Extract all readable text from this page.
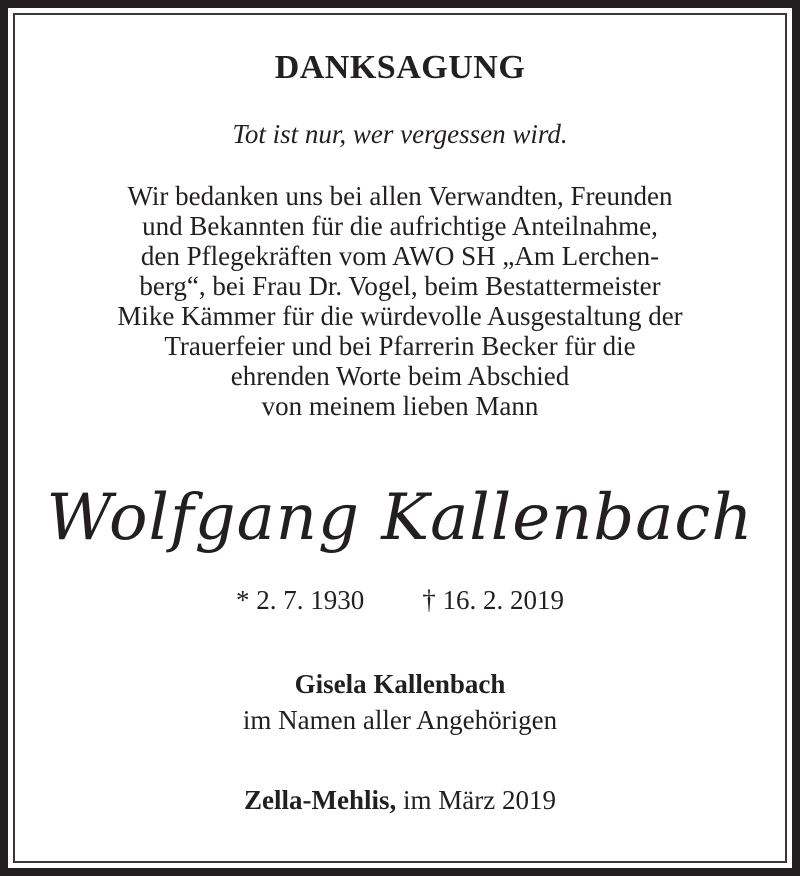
DANKSAGUNG
Tot ist nur, wer vergessen wird.
Wir bedanken uns bei allen Verwandten, Freunden
und Bekannten für die aufrichtige Anteilnahme,
den Pflegekräften vom AWO SH „Am Lerchen-
berg“, bei Frau Dr. Vogel, beim Bestattermeister
Mike Kämmer für die würdevolle Ausgestaltung der
Trauerfeier und bei Pfarrerin Becker für die
ehrenden Worte beim Abschied
von meinem lieben Mann
Wolfgang Kallenbach
* 2. 7. 1930 † 16. 2. 2019
Gisela Kallenbach
im Namen aller Angehörigen
Zella-Mehlis, im März 2019
